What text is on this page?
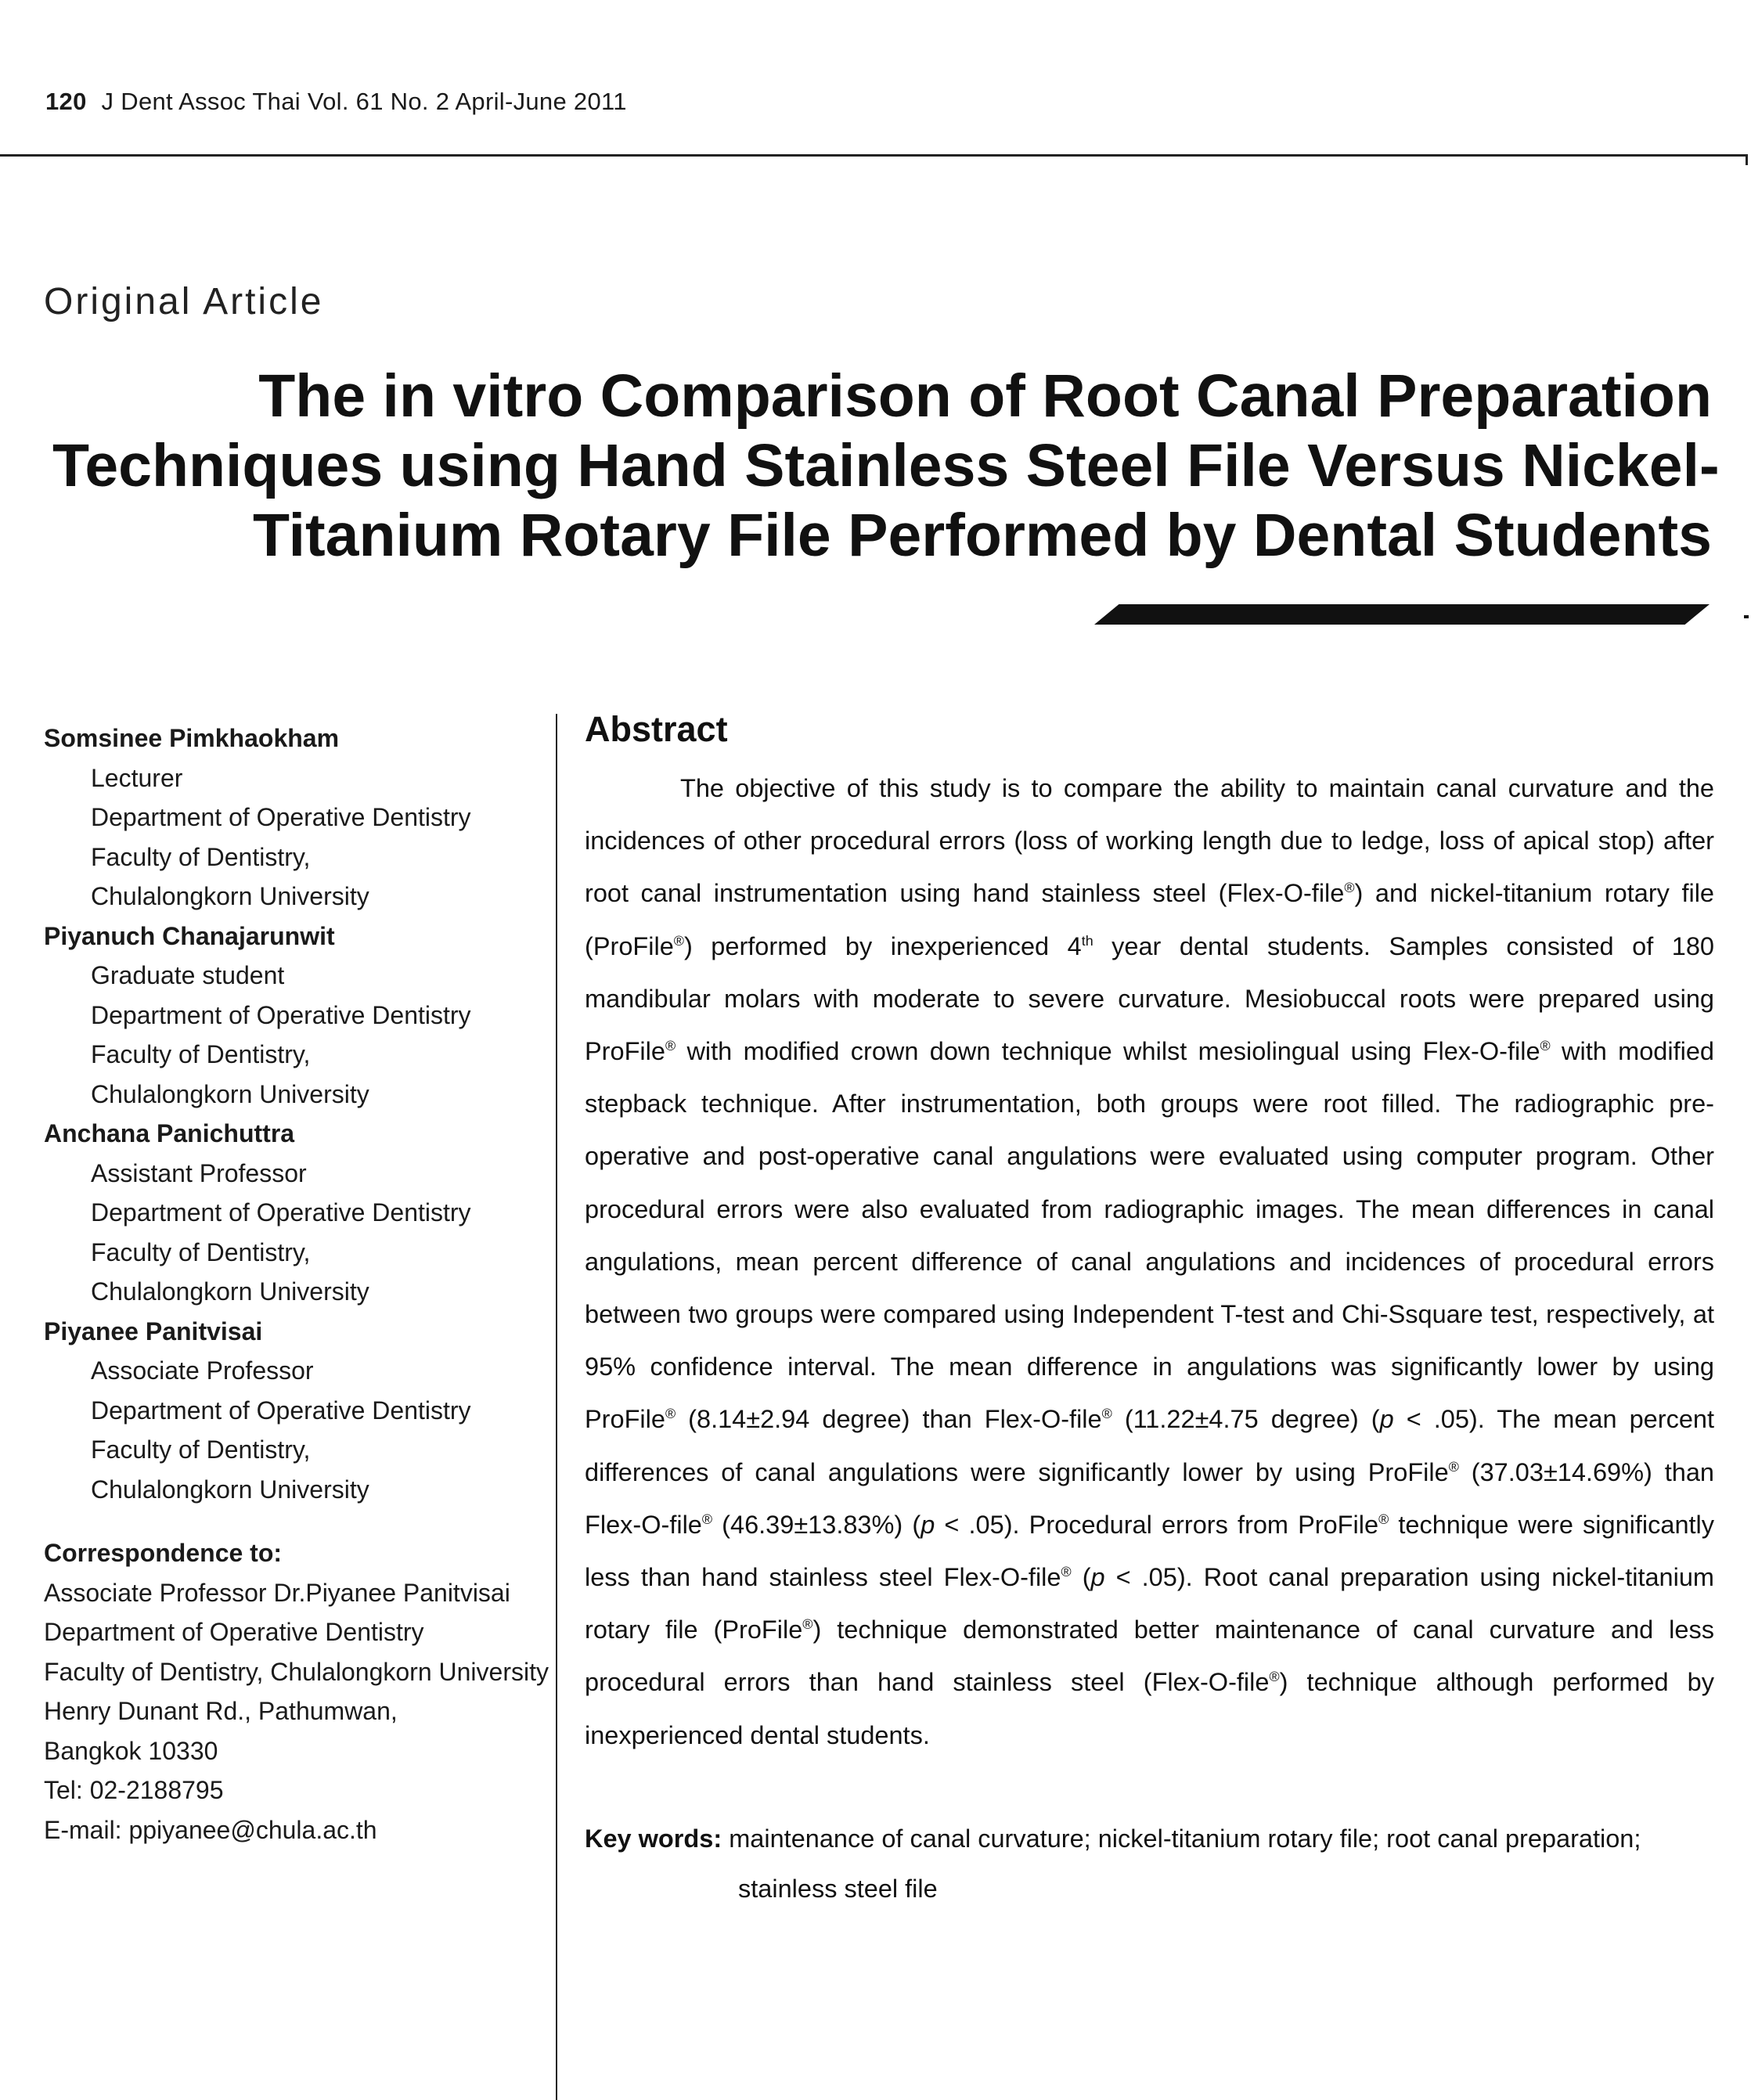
120 J Dent Assoc Thai Vol. 61 No. 2 April-June 2011
Original Article
The in vitro Comparison of Root Canal Preparation
Techniques using Hand Stainless Steel File Versus Nickel-
Titanium Rotary File Performed by Dental Students
Somsinee Pimkhaokham
Lecturer
Department of Operative Dentistry
Faculty of Dentistry,
Chulalongkorn University
Piyanuch Chanajarunwit
Graduate student
Department of Operative Dentistry
Faculty of Dentistry,
Chulalongkorn University
Anchana Panichuttra
Assistant Professor
Department of Operative Dentistry
Faculty of Dentistry,
Chulalongkorn University
Piyanee Panitvisai
Associate Professor
Department of Operative Dentistry
Faculty of Dentistry,
Chulalongkorn University
Correspondence to:
Associate Professor Dr.Piyanee Panitvisai
Department of Operative Dentistry
Faculty of Dentistry, Chulalongkorn University
Henry Dunant Rd., Pathumwan,
Bangkok 10330
Tel: 02-2188795
E-mail: ppiyanee@chula.ac.th
Abstract

The objective of this study is to compare the ability to maintain canal curvature and the incidences of other procedural errors (loss of working length due to ledge, loss of apical stop) after root canal instrumentation using hand stainless steel (Flex-O-file®) and nickel-titanium rotary file (ProFile®) performed by inexperienced 4th year dental students. Samples consisted of 180 mandibular molars with moderate to severe curvature. Mesiobuccal roots were prepared using ProFile® with modified crown down technique whilst mesiolingual using Flex-O-file® with modified stepback technique. After instrumentation, both groups were root filled. The radiographic pre-operative and post-operative canal angulations were evaluated using computer program. Other procedural errors were also evaluated from radiographic images. The mean differences in canal angulations, mean percent difference of canal angulations and incidences of procedural errors between two groups were compared using Independent T-test and Chi-Ssquare test, respectively, at 95% confidence interval. The mean difference in angulations was significantly lower by using ProFile® (8.14±2.94 degree) than Flex-O-file® (11.22±4.75 degree) (p < .05). The mean percent differences of canal angulations were significantly lower by using ProFile® (37.03±14.69%) than Flex-O-file® (46.39±13.83%) (p < .05). Procedural errors from ProFile® technique were significantly less than hand stainless steel Flex-O-file® (p < .05). Root canal preparation using nickel-titanium rotary file (ProFile®) technique demonstrated better maintenance of canal curvature and less procedural errors than hand stainless steel (Flex-O-file®) technique although performed by inexperienced dental students.

Key words: maintenance of canal curvature; nickel-titanium rotary file; root canal preparation; stainless steel file
